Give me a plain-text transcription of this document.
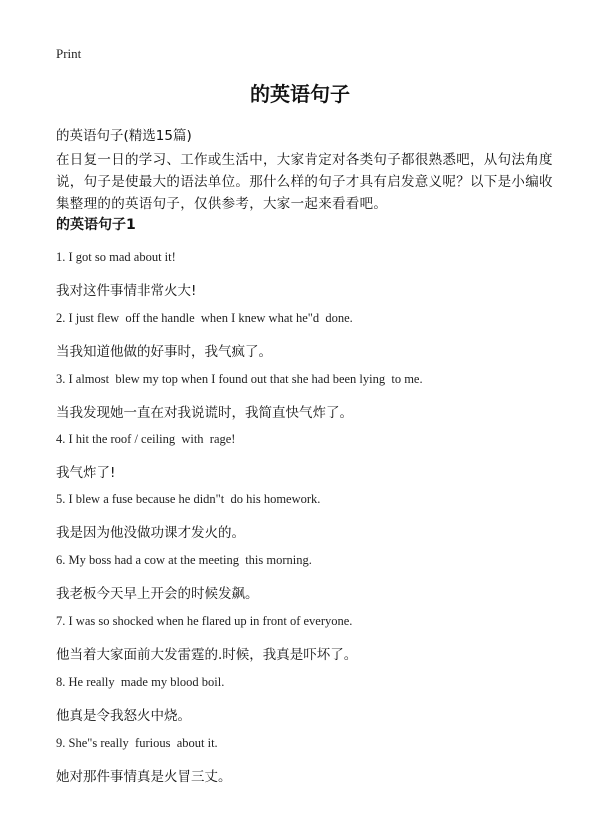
Print
的英语句子
的英语句子(精选15篇)

在日复一日的学习、工作或生活中，大家肯定对各类句子都很熟悉吧，从句法角度说，句子是使最大的语法单位。那什么样的句子才具有启发意义呢？以下是小编收集整理的的英语句子，仅供参考，大家一起来看看吧。

的英语句子1
1. I got so mad about it!
我对这件事情非常火大!
2. I just flew  off the handle  when I knew what he"d  done.
当我知道他做的好事时，我气疯了。
3. I almost  blew my top when I found out that she had been lying  to me.
当我发现她一直在对我说谎时，我简直快气炸了。
4. I hit the roof / ceiling  with  rage!
我气炸了!
5. I blew a fuse because he didn"t  do his homework.
我是因为他没做功课才发火的。
6. My boss had a cow at the meeting  this morning.
我老板今天早上开会的时候发飙。
7. I was so shocked when he flared up in front of everyone.
他当着大家面前大发雷霆的.时候，我真是吓坏了。
8. He really  made my blood boil.
他真是令我怒火中烧。
9. She"s really  furious  about it.
她对那件事情真是火冒三丈。
